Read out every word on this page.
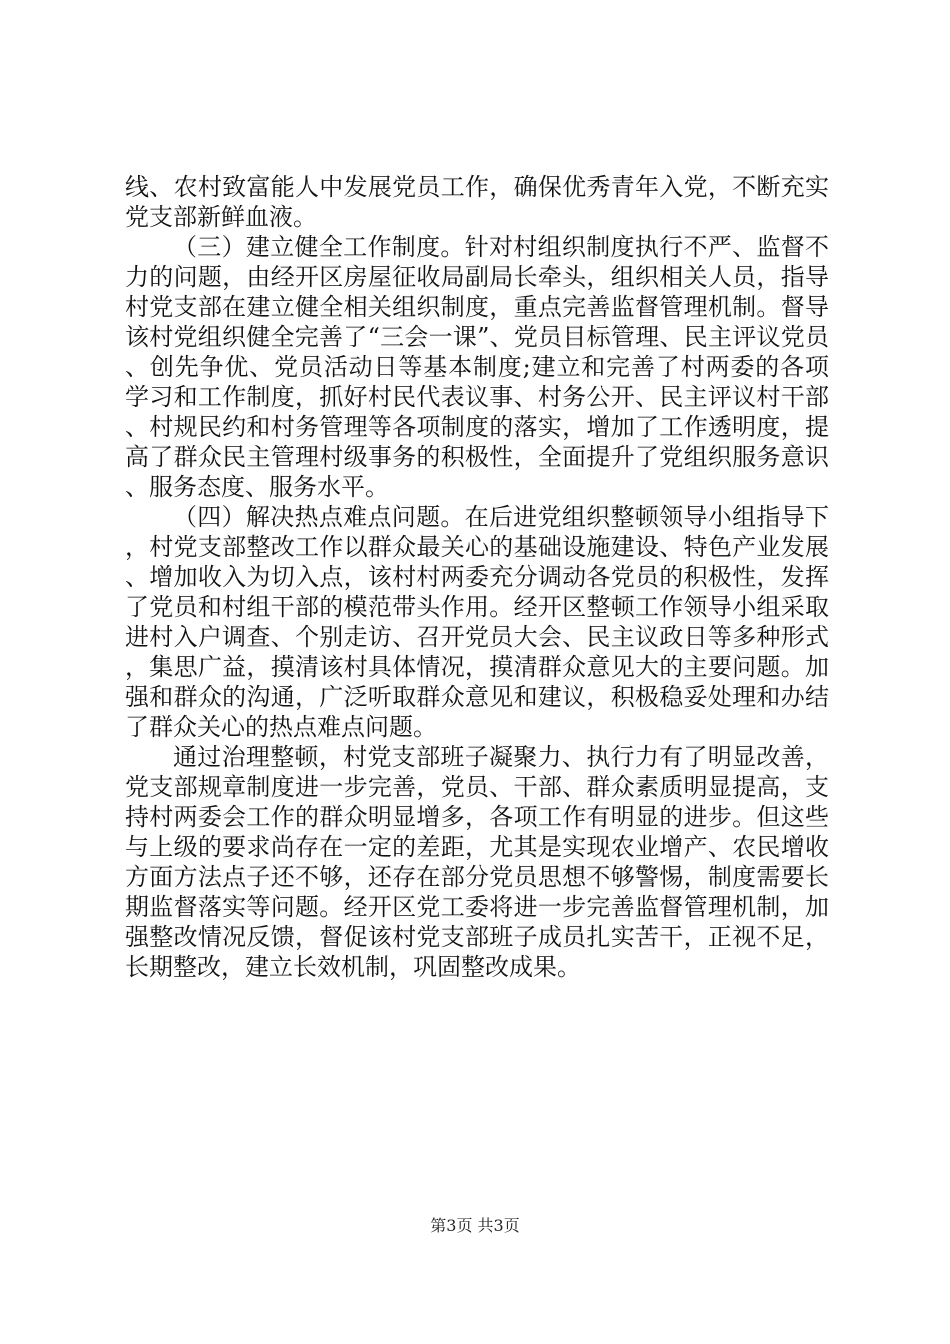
线、农村致富能人中发展党员工作，确保优秀青年入党，不断充实党支部新鲜血液。

（三）建立健全工作制度。针对村组织制度执行不严、监督不力的问题，由经开区房屋征收局副局长牵头，组织相关人员，指导村党支部在建立健全相关组织制度，重点完善监督管理机制。督导该村党组织健全完善了“三会一课”、党员目标管理、民主评议党员、创先争优、党员活动日等基本制度;建立和完善了村两委的各项学习和工作制度，抓好村民代表议事、村务公开、民主评议村干部、村规民约和村务管理等各项制度的落实，增加了工作透明度，提高了群众民主管理村级事务的积极性，全面提升了党组织服务意识、服务态度、服务水平。

（四）解决热点难点问题。在后进党组织整顿领导小组指导下，村党支部整改工作以群众最关心的基础设施建设、特色产业发展、增加收入为切入点，该村村两委充分调动各党员的积极性，发挥了党员和村组干部的模范带头作用。经开区整顿工作领导小组采取进村入户调查、个别走访、召开党员大会、民主议政日等多种形式，集思广益，摸清该村具体情况，摸清群众意见大的主要问题。加强和群众的沟通，广泛听取群众意见和建议，积极稳妥处理和办结了群众关心的热点难点问题。

通过治理整顿，村党支部班子凝聚力、执行力有了明显改善，党支部规章制度进一步完善，党员、干部、群众素质明显提高，支持村两委会工作的群众明显增多，各项工作有明显的进步。但这些与上级的要求尚存在一定的差距，尤其是实现农业增产、农民增收方面方法点子还不够，还存在部分党员思想不够警惕，制度需要长期监督落实等问题。经开区党工委将进一步完善监督管理机制，加强整改情况反馈，督促该村党支部班子成员扎实苦干，正视不足，长期整改，建立长效机制，巩固整改成果。

第3页 共3页
